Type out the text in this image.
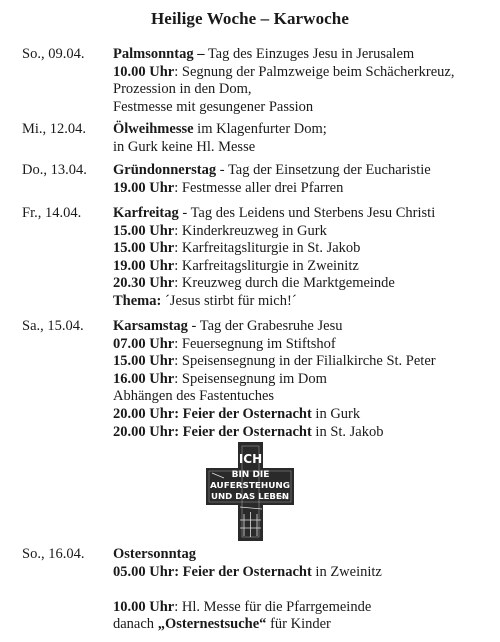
Heilige Woche – Karwoche
So., 09.04. Palmsonntag – Tag des Einzuges Jesu in Jerusalem
10.00 Uhr: Segnung der Palmzweige beim Schächerkreuz,
Prozession in den Dom,
Festmesse mit gesungener Passion
Mi., 12.04. Ölweihmesse im Klagenfurter Dom;
in Gurk keine Hl. Messe
Do., 13.04. Gründonnerstag - Tag der Einsetzung der Eucharistie
19.00 Uhr: Festmesse aller drei Pfarren
Fr., 14.04. Karfreitag - Tag des Leidens und Sterbens Jesu Christi
15.00 Uhr: Kinderkreuzweg in Gurk
15.00 Uhr: Karfreitagsliturgie in St. Jakob
19.00 Uhr: Karfreitagsliturgie in Zweinitz
20.30 Uhr: Kreuzweg durch die Marktgemeinde
Thema: ´Jesus stirbt für mich!´
Sa., 15.04. Karsamstag - Tag der Grabesruhe Jesu
07.00 Uhr: Feuersegnung im Stiftshof
15.00 Uhr: Speisensegnung in der Filialkirche St. Peter
16.00 Uhr: Speisensegnung im Dom
Abhängen des Fastentuches
20.00 Uhr: Feier der Osternacht in Gurk
20.00 Uhr: Feier der Osternacht in St. Jakob
ICH
BIN DIE
AUFERSTEHUNG
UND DAS LEBEN
So., 16.04. Ostersonntag
05.00 Uhr: Feier der Osternacht in Zweinitz
10.00 Uhr: Hl. Messe für die Pfarrgemeinde
danach „Osternestsuche“ für Kinder
